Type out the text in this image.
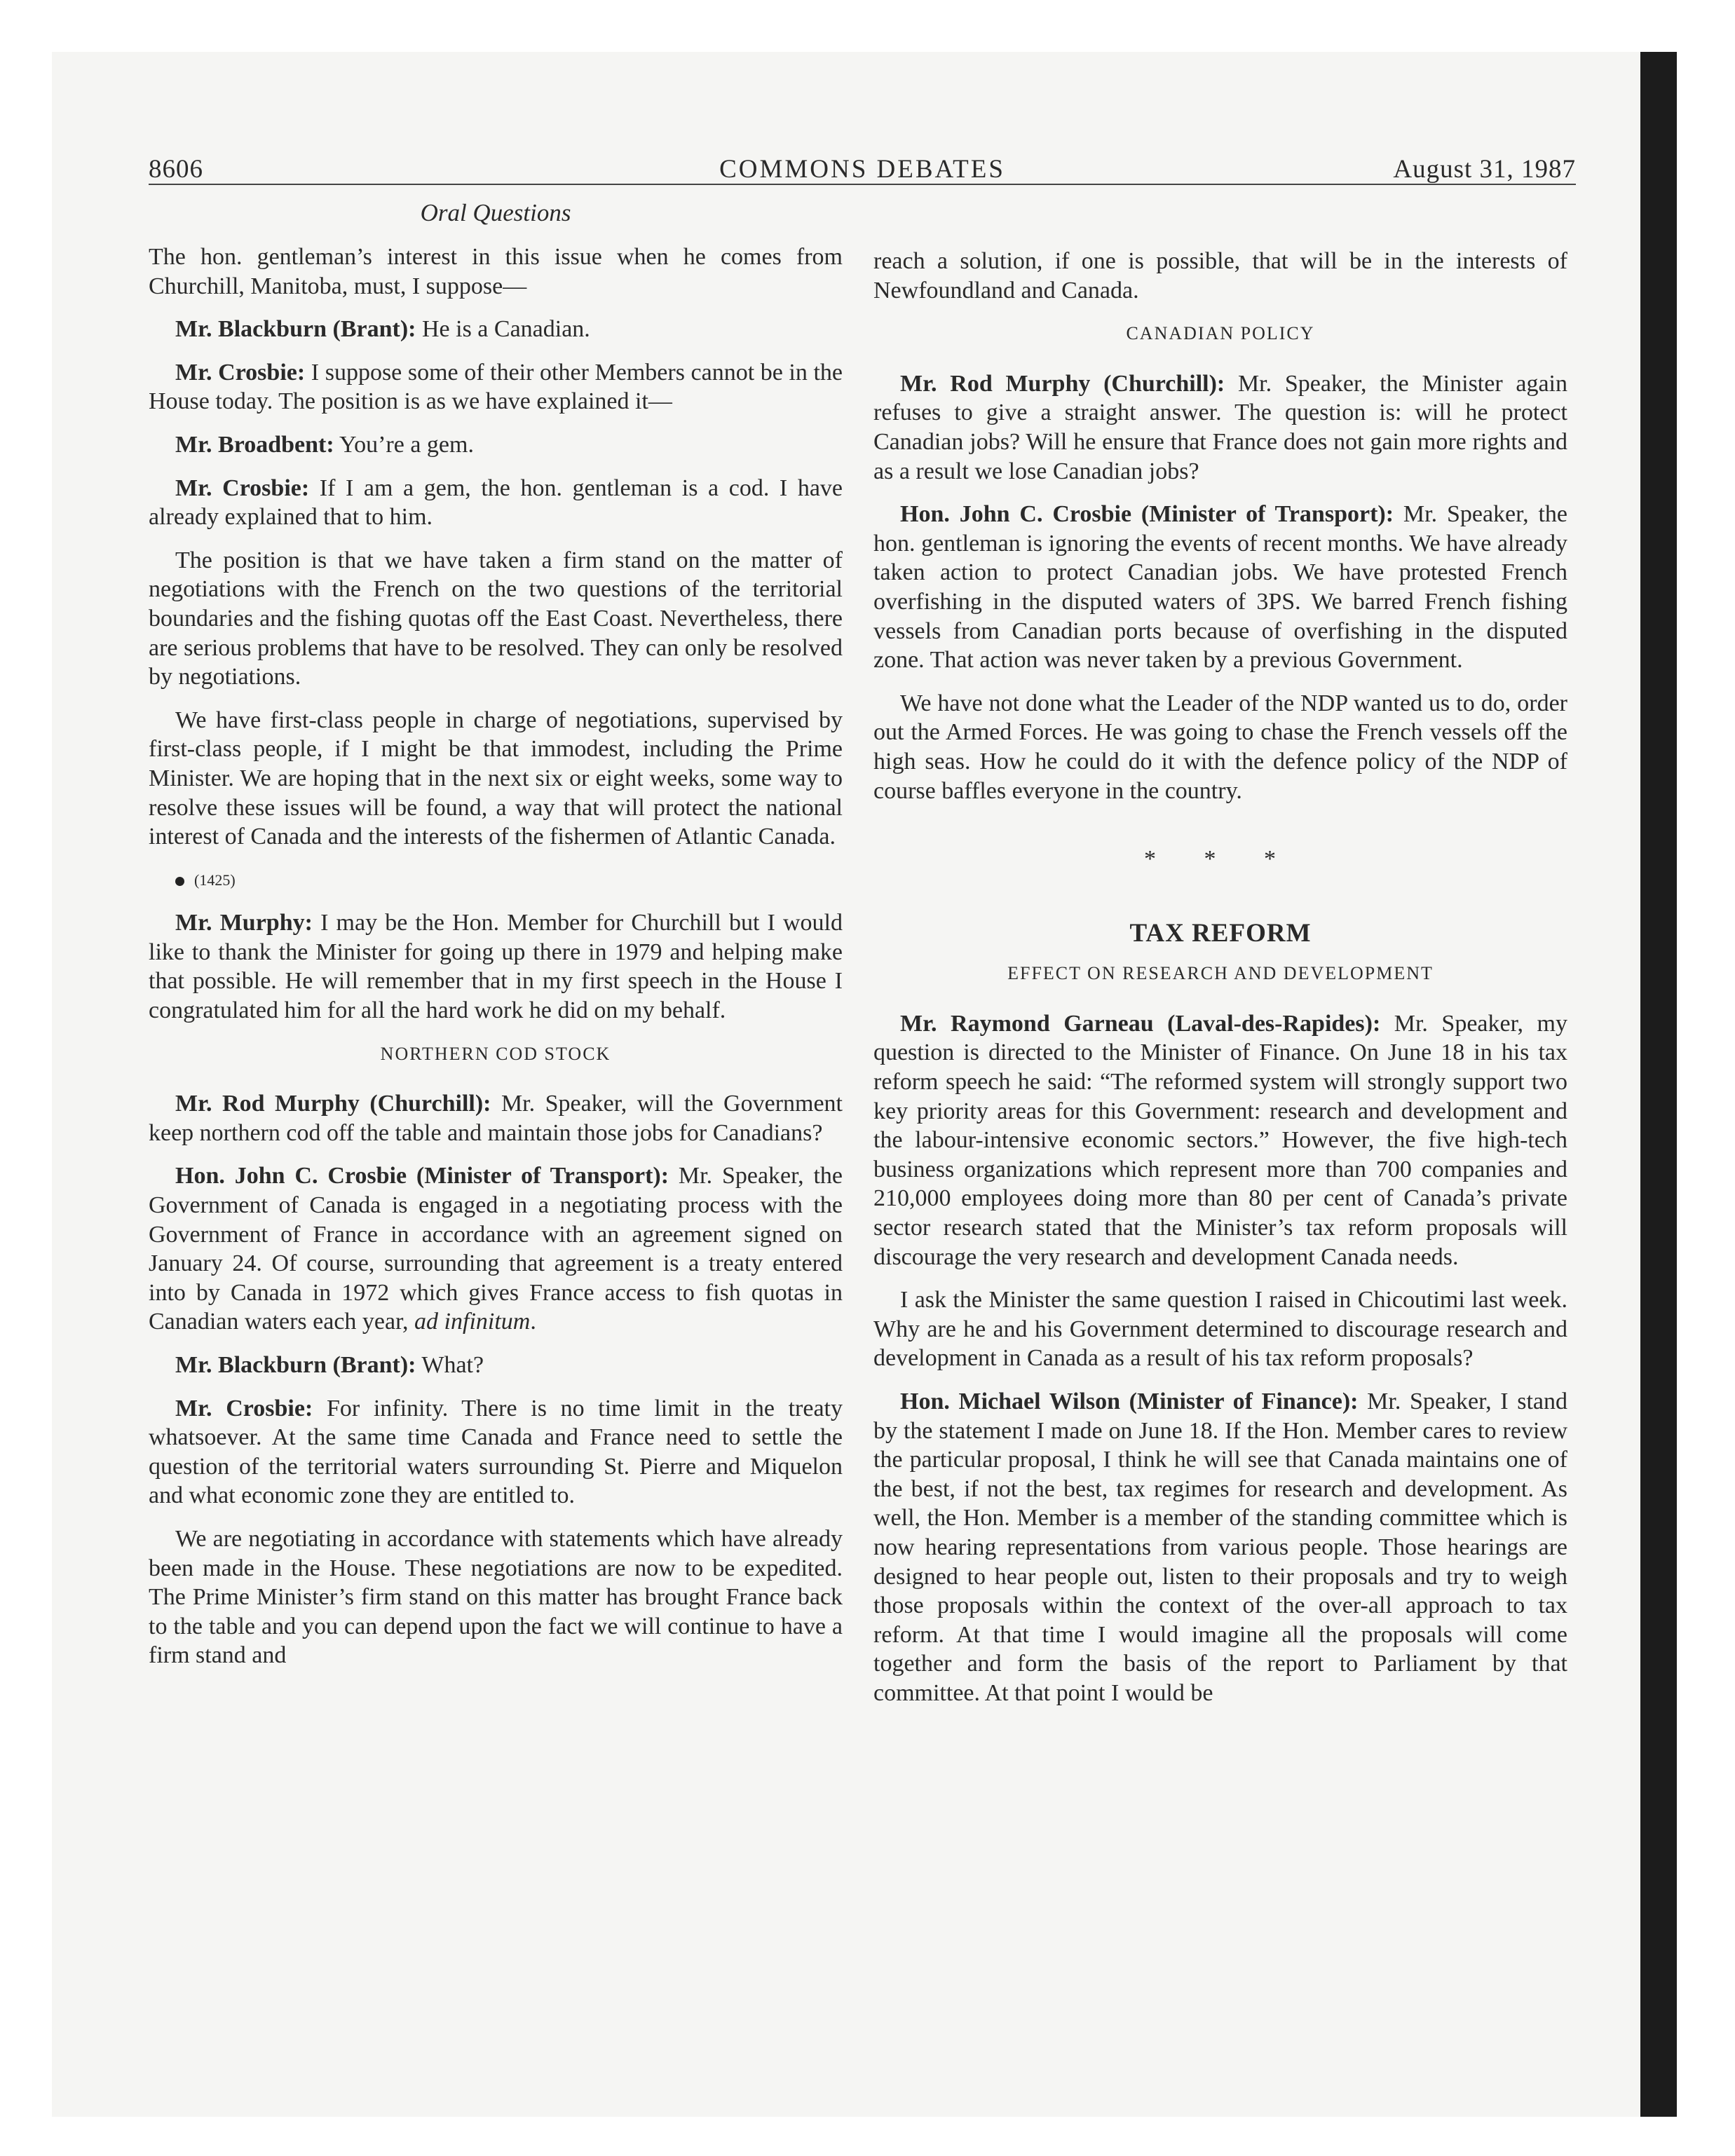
8606	COMMONS DEBATES	August 31, 1987
Oral Questions

The hon. gentleman’s interest in this issue when he comes from Churchill, Manitoba, must, I suppose—

Mr. Blackburn (Brant): He is a Canadian.

Mr. Crosbie: I suppose some of their other Members cannot be in the House today. The position is as we have explained it—

Mr. Broadbent: You’re a gem.

Mr. Crosbie: If I am a gem, the hon. gentleman is a cod. I have already explained that to him.

The position is that we have taken a firm stand on the matter of negotiations with the French on the two questions of the territorial boundaries and the fishing quotas off the East Coast. Nevertheless, there are serious problems that have to be resolved. They can only be resolved by negotiations.

We have first-class people in charge of negotiations, supervised by first-class people, if I might be that immodest, including the Prime Minister. We are hoping that in the next six or eight weeks, some way to resolve these issues will be found, a way that will protect the national interest of Canada and the interests of the fishermen of Atlantic Canada.

(1425)

Mr. Murphy: I may be the Hon. Member for Churchill but I would like to thank the Minister for going up there in 1979 and helping make that possible. He will remember that in my first speech in the House I congratulated him for all the hard work he did on my behalf.

NORTHERN COD STOCK

Mr. Rod Murphy (Churchill): Mr. Speaker, will the Government keep northern cod off the table and maintain those jobs for Canadians?

Hon. John C. Crosbie (Minister of Transport): Mr. Speaker, the Government of Canada is engaged in a negotiating process with the Government of France in accordance with an agreement signed on January 24. Of course, surrounding that agreement is a treaty entered into by Canada in 1972 which gives France access to fish quotas in Canadian waters each year, ad infinitum.

Mr. Blackburn (Brant): What?

Mr. Crosbie: For infinity. There is no time limit in the treaty whatsoever. At the same time Canada and France need to settle the question of the territorial waters surrounding St. Pierre and Miquelon and what economic zone they are entitled to.

We are negotiating in accordance with statements which have already been made in the House. These negotiations are now to be expedited. The Prime Minister’s firm stand on this matter has brought France back to the table and you can depend upon the fact we will continue to have a firm stand and

reach a solution, if one is possible, that will be in the interests of Newfoundland and Canada.

CANADIAN POLICY

Mr. Rod Murphy (Churchill): Mr. Speaker, the Minister again refuses to give a straight answer. The question is: will he protect Canadian jobs? Will he ensure that France does not gain more rights and as a result we lose Canadian jobs?

Hon. John C. Crosbie (Minister of Transport): Mr. Speaker, the hon. gentleman is ignoring the events of recent months. We have already taken action to protect Canadian jobs. We have protested French overfishing in the disputed waters of 3PS. We barred French fishing vessels from Canadian ports because of overfishing in the disputed zone. That action was never taken by a previous Government.

We have not done what the Leader of the NDP wanted us to do, order out the Armed Forces. He was going to chase the French vessels off the high seas. How he could do it with the defence policy of the NDP of course baffles everyone in the country.

* * *
TAX REFORM
EFFECT ON RESEARCH AND DEVELOPMENT

Mr. Raymond Garneau (Laval-des-Rapides): Mr. Speaker, my question is directed to the Minister of Finance. On June 18 in his tax reform speech he said: “The reformed system will strongly support two key priority areas for this Government: research and development and the labour-intensive economic sectors.” However, the five high-tech business organizations which represent more than 700 companies and 210,000 employees doing more than 80 per cent of Canada’s private sector research stated that the Minister’s tax reform proposals will discourage the very research and development Canada needs.

I ask the Minister the same question I raised in Chicoutimi last week. Why are he and his Government determined to discourage research and development in Canada as a result of his tax reform proposals?

Hon. Michael Wilson (Minister of Finance): Mr. Speaker, I stand by the statement I made on June 18. If the Hon. Member cares to review the particular proposal, I think he will see that Canada maintains one of the best, if not the best, tax regimes for research and development. As well, the Hon. Member is a member of the standing committee which is now hearing representations from various people. Those hearings are designed to hear people out, listen to their proposals and try to weigh those proposals within the context of the over-all approach to tax reform. At that time I would imagine all the proposals will come together and form the basis of the report to Parliament by that committee. At that point I would be
